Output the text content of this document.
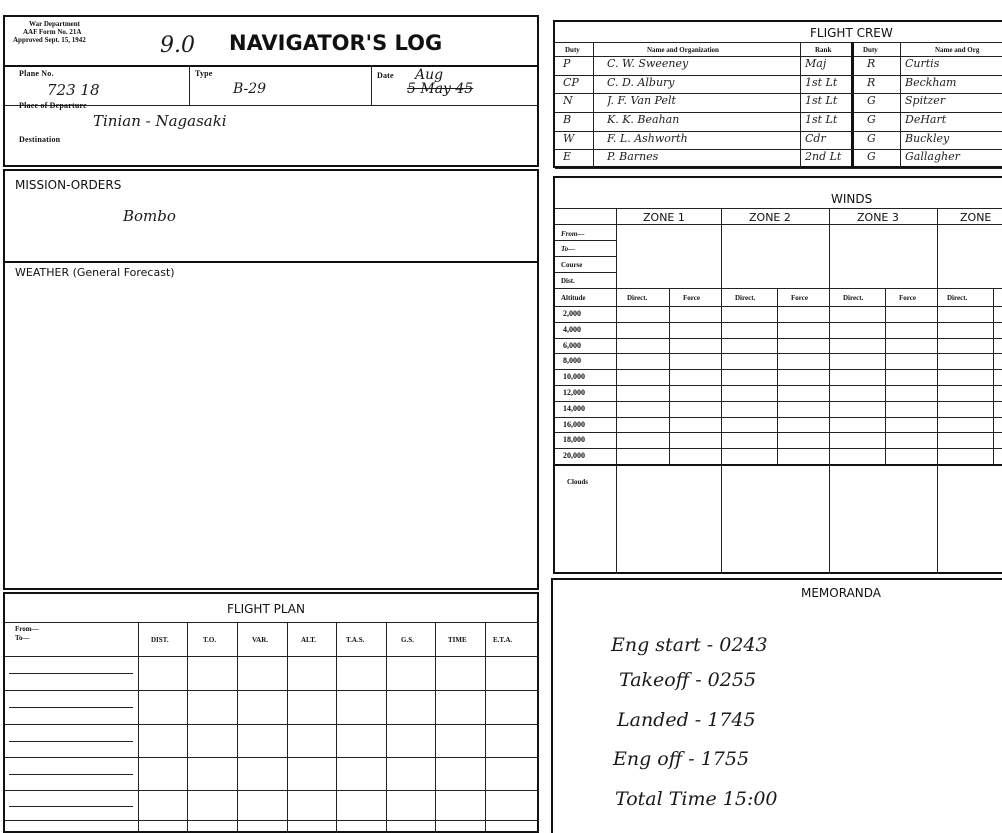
War Department
AAF Form No. 21A
Approved Sept. 15, 1942	9.0 NAVIGATOR'S LOG
Plane No.
723 18
Type
B-29
Date Aug
5 May 45
Place of Departure
Tinian - Nagasaki
Destination
MISSION-ORDERS
Bombo
WEATHER (General Forecast)
FLIGHT PLAN
From—
To—	DIST.	T.O.	VAR.	ALT.	T.A.S.	G.S.	TIME	E.T.A.
FLIGHT CREW
Duty	Name and Organization	Rank	Duty	Name and Org
P	C. W. Sweeney	Maj	R	Curtis
CP	C. D. Albury	1st Lt	R	Beckham
N	J. F. Van Pelt	1st Lt	G	Spitzer
B	K. K. Beahan	1st Lt	G	DeHart
W	F. L. Ashworth	Cdr	G	Buckley
E	P. Barnes	2nd Lt	G	Gallagher
WINDS
ZONE 1	ZONE 2	ZONE 3	ZONE
From—
To—
Course
Dist.
Altitude	Direct.	Force	Direct.	Force	Direct.	Force	Direct.
2,000
4,000
6,000
8,000
10,000
12,000
14,000
16,000
18,000
20,000
Clouds
MEMORANDA
Eng start - 0243
Takeoff - 0255
Landed - 1745
Eng off - 1755
Total Time 15:00
